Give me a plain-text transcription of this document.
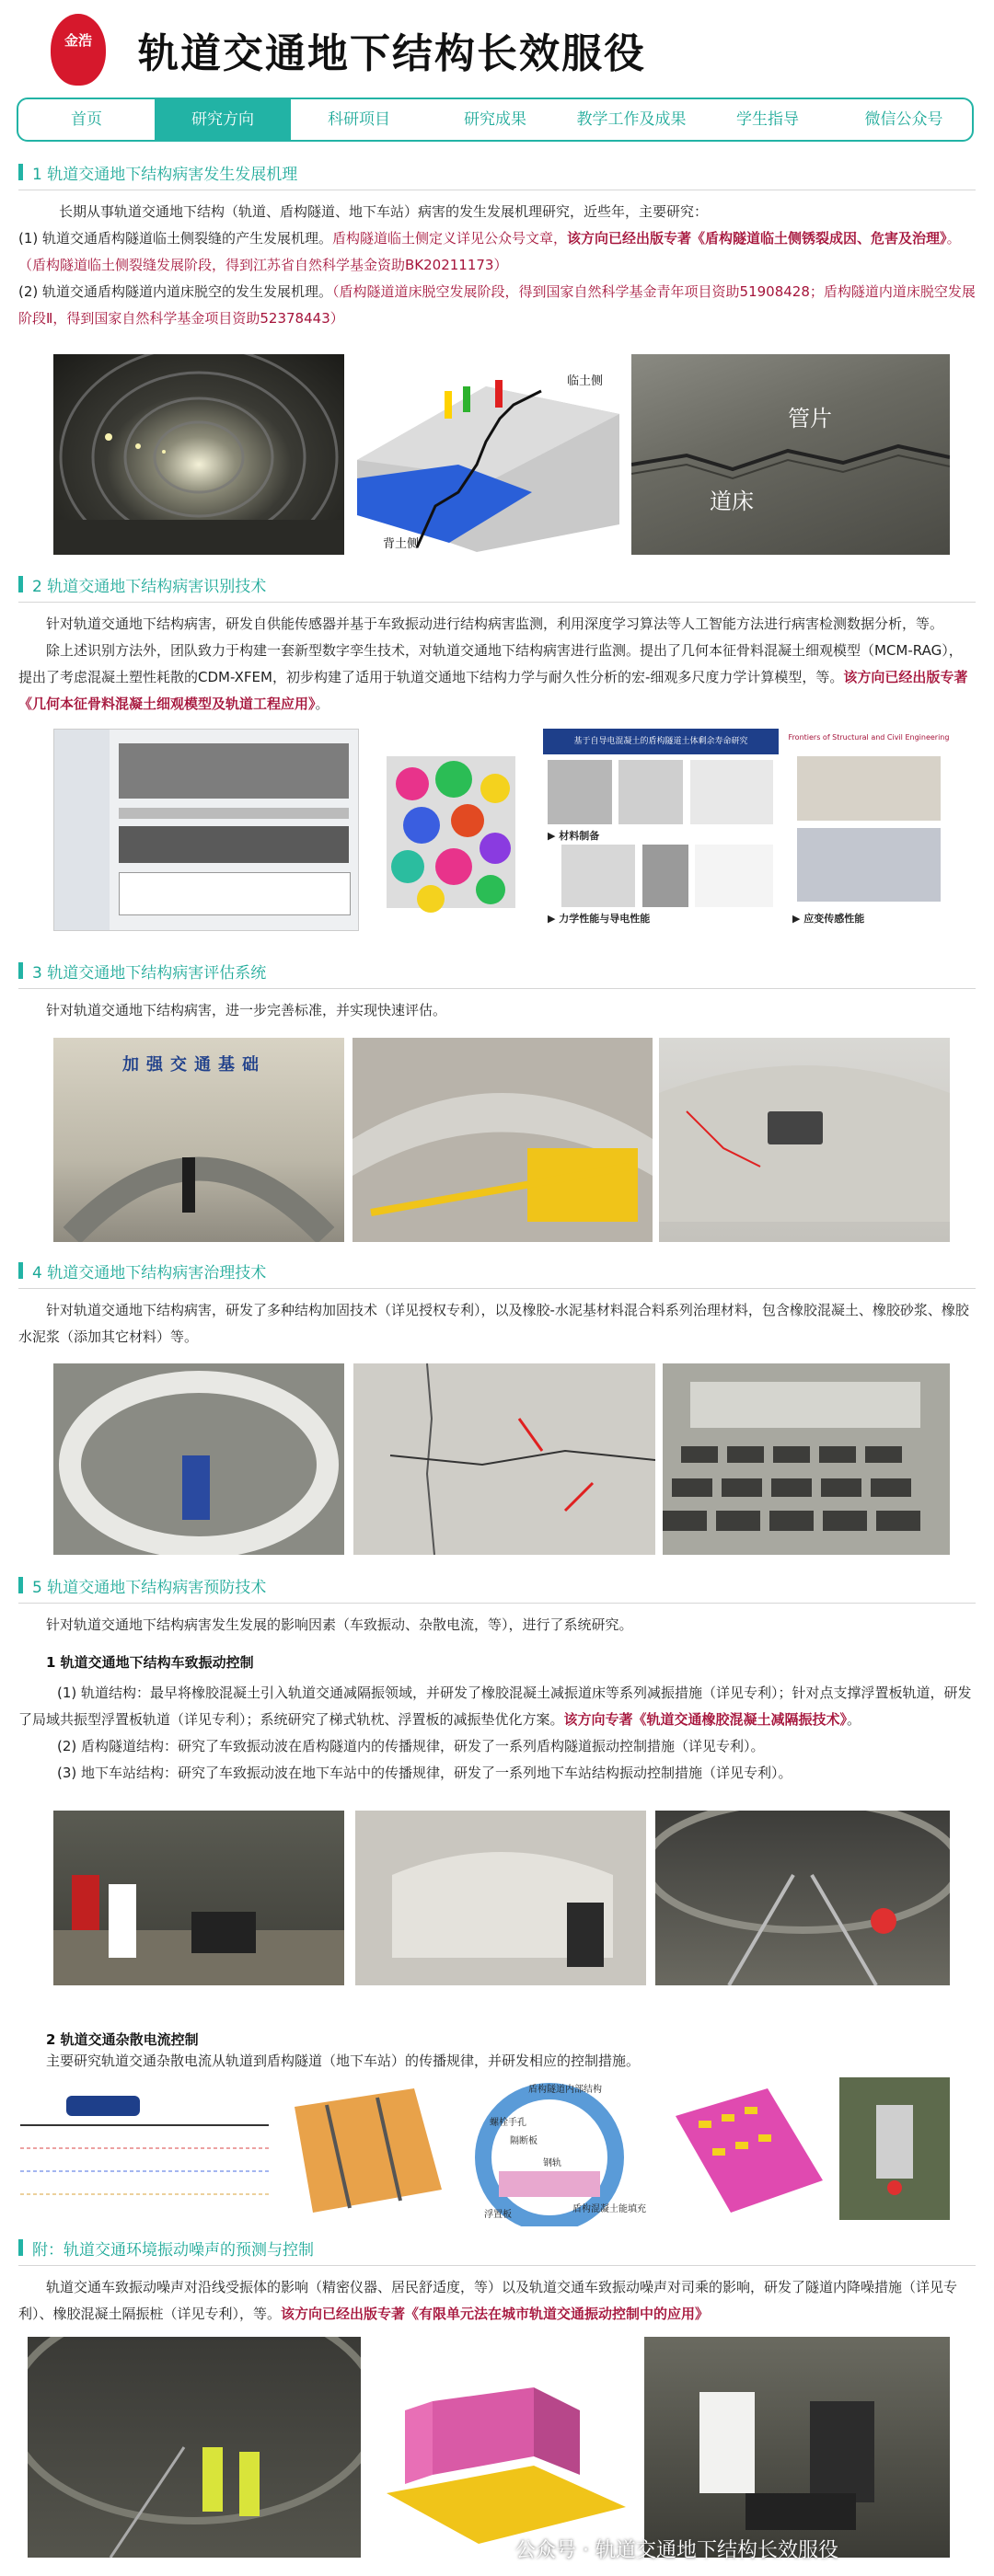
金浩	轨道交通地下结构长效服役
首页	研究方向	科研项目	研究成果	教学工作及成果	学生指导	微信公众号
1 轨道交通地下结构病害发生发展机理
长期从事轨道交通地下结构（轨道、盾构隧道、地下车站）病害的发生发展机理研究，近些年，主要研究：
(1) 轨道交通盾构隧道临土侧裂缝的产生发展机理。盾构隧道临土侧定义详见公众号文章，该方向已经出版专著《盾构隧道临土侧锈裂成因、危害及治理》。（盾构隧道临土侧裂缝发展阶段，得到江苏省自然科学基金资助BK20211173）
(2) 轨道交通盾构隧道内道床脱空的发生发展机理。（盾构隧道道床脱空发展阶段，得到国家自然科学基金青年项目资助51908428；盾构隧道内道床脱空发展阶段Ⅱ，得到国家自然科学基金项目资助52378443）
临土侧
背土侧
管片
道床
2 轨道交通地下结构病害识别技术
针对轨道交通地下结构病害，研发自供能传感器并基于车致振动进行结构病害监测，利用深度学习算法等人工智能方法进行病害检测数据分析，等。
除上述识别方法外，团队致力于构建一套新型数字孪生技术，对轨道交通地下结构病害进行监测。提出了几何本征骨料混凝土细观模型（MCM-RAG），提出了考虑混凝土塑性耗散的CDM-XFEM，初步构建了适用于轨道交通地下结构力学与耐久性分析的宏-细观多尺度力学计算模型，等。该方向已经出版专著《几何本征骨料混凝土细观模型及轨道工程应用》。
基于自导电混凝土的盾构隧道土体剩余寿命研究
▶ 材料制备
▶ 力学性能与导电性能
Frontiers of Structural and Civil Engineering
▶ 应变传感性能
3 轨道交通地下结构病害评估系统
针对轨道交通地下结构病害，进一步完善标准，并实现快速评估。
加强交通基础
4 轨道交通地下结构病害治理技术
针对轨道交通地下结构病害，研发了多种结构加固技术（详见授权专利），以及橡胶-水泥基材料混合料系列治理材料，包含橡胶混凝土、橡胶砂浆、橡胶水泥浆（添加其它材料）等。
5 轨道交通地下结构病害预防技术
针对轨道交通地下结构病害发生发展的影响因素（车致振动、杂散电流，等），进行了系统研究。
1 轨道交通地下结构车致振动控制
(1) 轨道结构：最早将橡胶混凝土引入轨道交通减隔振领域，并研发了橡胶混凝土减振道床等系列减振措施（详见专利）；针对点支撑浮置板轨道，研发了局域共振型浮置板轨道（详见专利）；系统研究了梯式轨枕、浮置板的减振垫优化方案。该方向专著《轨道交通橡胶混凝土减隔振技术》。
(2) 盾构隧道结构：研究了车致振动波在盾构隧道内的传播规律，研发了一系列盾构隧道振动控制措施（详见专利）。
(3) 地下车站结构：研究了车致振动波在地下车站中的传播规律，研发了一系列地下车站结构振动控制措施（详见专利）。
2 轨道交通杂散电流控制
主要研究轨道交通杂散电流从轨道到盾构隧道（地下车站）的传播规律，并研发相应的控制措施。
盾构隧道内部结构
螺栓手孔
隔断板
钢轨
浮置板
盾构混凝土能填充
附：轨道交通环境振动噪声的预测与控制
轨道交通车致振动噪声对沿线受振体的影响（精密仪器、居民舒适度，等）以及轨道交通车致振动噪声对司乘的影响，研发了隧道内降噪措施（详见专利）、橡胶混凝土隔振桩（详见专利），等。该方向已经出版专著《有限单元法在城市轨道交通振动控制中的应用》
公众号 · 轨道交通地下结构长效服役
